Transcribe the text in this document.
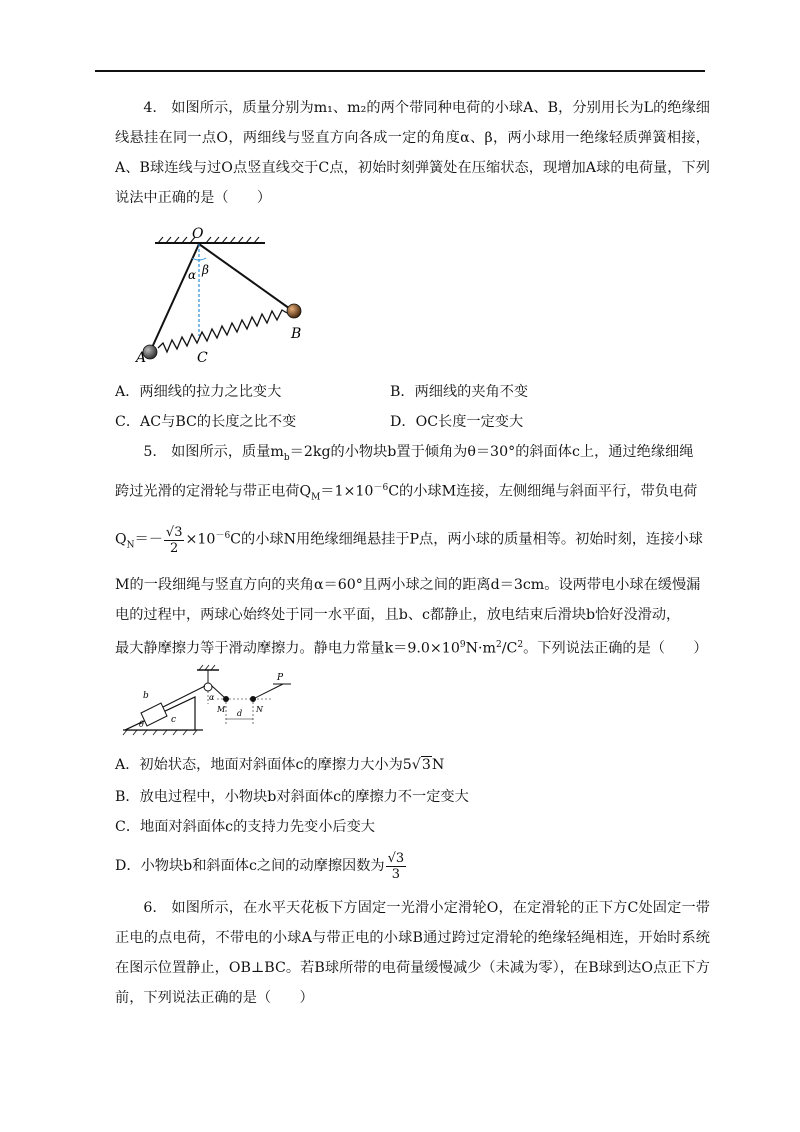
4.　如图所示，质量分别为m₁、m₂的两个带同种电荷的小球A、B，分别用长为L的绝缘细线悬挂在同一点O，两细线与竖直方向各成一定的角度α、β，两小球用一绝缘轻质弹簧相接，A、B球连线与过O点竖直线交于C点，初始时刻弹簧处在压缩状态，现增加A球的电荷量，下列说法中正确的是（　　）

O
α β
A	C
B
A．两细线的拉力之比变大	B．两细线的夹角不变
C．AC与BC的长度之比不变	D．OC长度一定变大

5.　如图所示，质量$m_b=2kg$的小物块b置于倾角为θ＝30°的斜面体c上，通过绝缘细绳

跨过光滑的定滑轮与带正电荷$Q_M=1\times 10^{-6}C$的小球M连接，左侧细绳与斜面平行，带负电荷

$Q_N=- \frac{√3}{2} \times 10^{-6}C$的小球N用绝缘细绳悬挂于P点，两小球的质量相等。初始时刻，连接小球

M的一段细绳与竖直方向的夹角α＝60°且两小球之间的距离d＝3cm。设两带电小球在缓慢漏

电的过程中，两球心始终处于同一水平面，且b、c都静止，放电结束后滑块b恰好没滑动，

最大静摩擦力等于滑动摩擦力。静电力常量$k=9.0\times 10^9N\cdot m^2/C^2$。下列说法正确的是（　　）

b
c
θ
α
M	N
d
P

A．初始状态，地面对斜面体c的摩擦力大小为5√3N

B．放电过程中，小物块b对斜面体c的摩擦力不一定变大

C．地面对斜面体c的支持力先变小后变大

D．小物块b和斜面体c之间的动摩擦因数为 $\frac{√3}{3}$

6.　如图所示，在水平天花板下方固定一光滑小定滑轮O，在定滑轮的正下方C处固定一带正电的点电荷，不带电的小球A与带正电的小球B通过跨过定滑轮的绝缘轻绳相连，开始时系统在图示位置静止，OB⊥BC。若B球所带的电荷量缓慢减少（未减为零），在B球到达O点正下方前，下列说法正确的是（　　）
